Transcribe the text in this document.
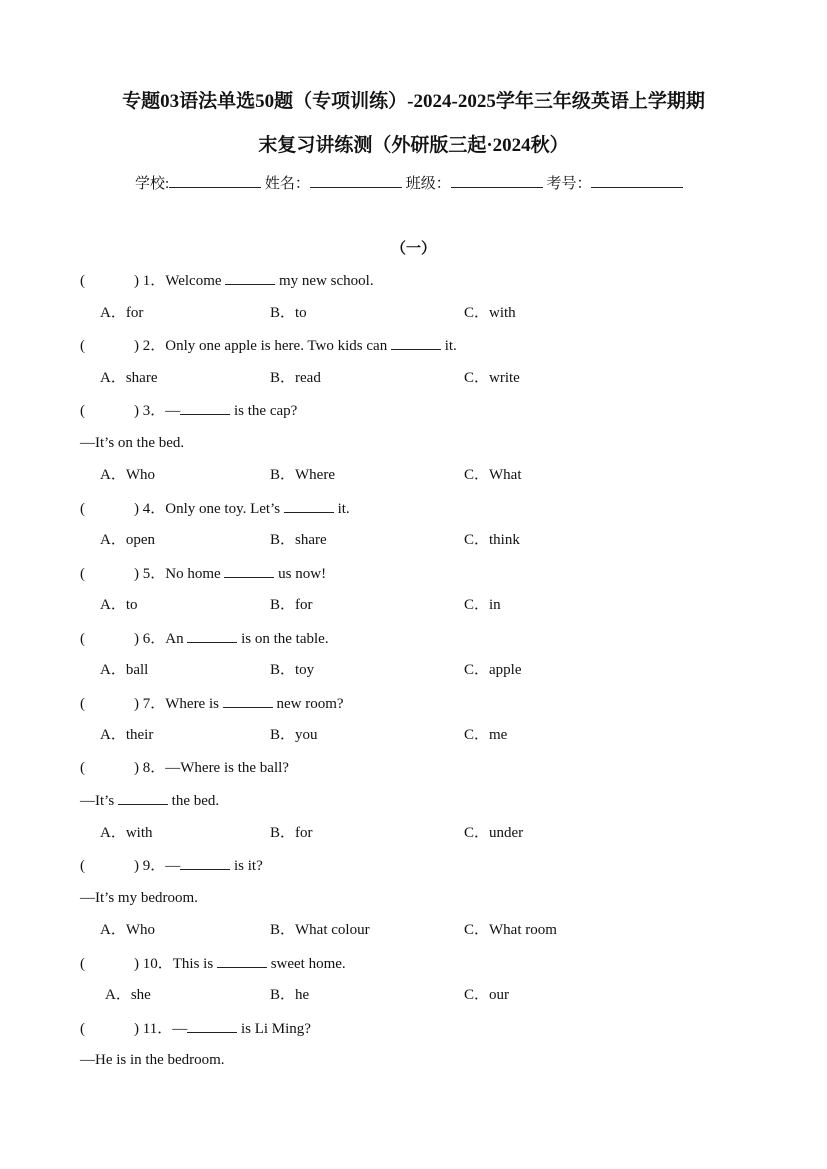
专题03语法单选50题（专项训练）-2024-2025学年三年级英语上学期期
末复习讲练测（外研版三起·2024秋）
学校:	姓名：	班级：	考号：
（一）
(	) 1．Welcome	my new school.
A．for	B．to	C．with
(	) 2．Only one apple is here. Two kids can	it.
A．share	B．read	C．write
(	) 3．—	is the cap?
—It’s on the bed.
A．Who	B．Where	C．What
(	) 4．Only one toy. Let’s	it.
A．open	B．share	C．think
(	) 5．No home	us now!
A．to	B．for	C．in
(	) 6．An	is on the table.
A．ball	B．toy	C．apple
(	) 7．Where is	new room?
A．their	B．you	C．me
(	) 8．—Where is the ball?
—It’s	the bed.
A．with	B．for	C．under
(	) 9．—	is it?
—It’s my bedroom.
A．Who	B．What colour	C．What room
(	) 10．This is	sweet home.
A．she	B．he	C．our
(	) 11．—	is Li Ming?
—He is in the bedroom.
